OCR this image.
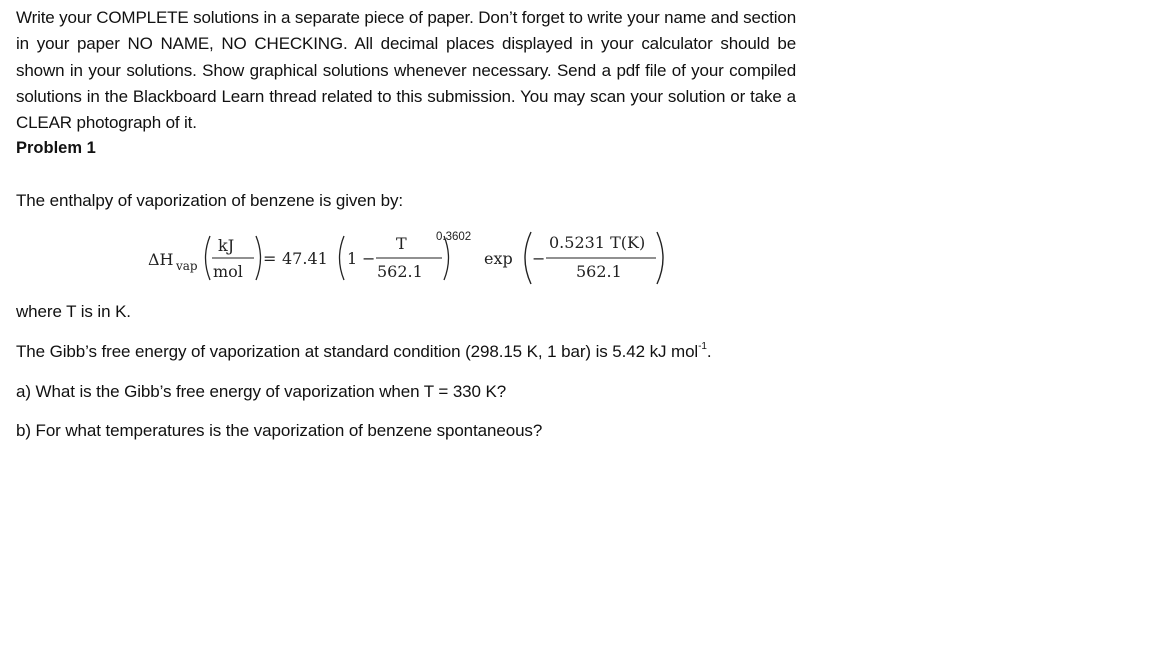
Write your COMPLETE solutions in a separate piece of paper. Don’t forget to write your name and section in your paper NO NAME, NO CHECKING. All decimal places displayed in your calculator should be shown in your solutions. Show graphical solutions whenever necessary. Send a pdf file of your compiled solutions in the Blackboard Learn thread related to this submission. You may scan your solution or take a CLEAR photograph of it.

Problem 1

The enthalpy of vaporization of benzene is given by:

ΔH vap
kJ
mol
= 47.41 1 −
T
562.1
0.3602
exp −
0.5231 T(K)
562.1

where T is in K.

The Gibb’s free energy of vaporization at standard condition (298.15 K, 1 bar) is 5.42 kJ mol$^{-1}$.

a) What is the Gibb’s free energy of vaporization when T = 330 K?

b) For what temperatures is the vaporization of benzene spontaneous?
